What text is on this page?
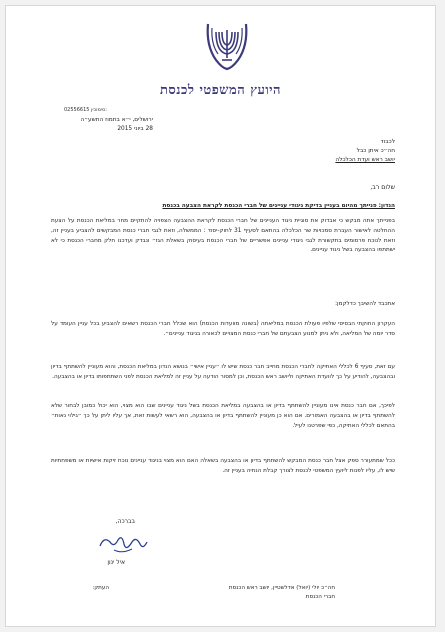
היועץ המשפטי לכנסת
02556615 סימוכין:
ירושלים, י״א בתמוז התשע״ה
28 ביוני 2015
לכבוד
חה״כ איתן כבל
יושב ראש ועדת הכלכלה
שלום רב,
הנדון: פנייתך מהיום בעניין בדיקת ניגודי עניינים של חברי הכנסת לקראת הצבעה בכנסת
בפנייתך אתה מבקש כי אבדוק את סוגיית ניגוד העניינים של חברי הכנסת לקראת ההצבעה הצפויה להתקיים מחר במליאת הכנסת על הצעת ההחלטה לאישור העברת סמכויות שר הכלכלה בהתאם לסעיף 31 לחוק-יסוד : הממשלה, וזאת לגבי חברי כנסת המבקשים להצביע בעניין זה, וזאת לנוכח פרסומים בתקשורת לגבי ניגודי עניינים אפשריים של חברי הכנסת בעיסוק בשאלת הגז״ ונבדק ועדכנו חלק מחברי הכנסת כי לא ישתתפו בהצבעה בשל ניגוד עניינים.
אתכבד להשיבך כדלקמן:
העקרון החוקתי הבסיסי שלפיו פעולת הכנסת במליאתה (בשונה מוועדות הכנסת) הוא שכלל חברי הכנסת רשאים להצביע בכל עניין העומד על סדר יומה של המליאה, ולא ניתן למנוע הצבעתם של חברי כנסת המצויים לכאורה בניגוד עניינים״.
עם זאת, סעיף 6 לכללי האתיקה לחברי הכנסת מחייב חבר כנסת שיש לו ״עניין אישי״ בנושא הנדון במליאת הכנסת, והוא מעוניין להשתתף בדיון ובהצבעה, להודיע על כך לוועדת האתיקה וליושב ראש הכנסת, וכן למסור הודעה על עניין זה למליאת הכנסת לפני השתתפותו בדיון או בהצבעה.
לפיכך, אם חבר כנסת אינו מעוניין להשתתף בדיון או בהצבעה במליאת הכנסת בשל ניגוד עניינים שבו הוא מצוי, הוא יכול כמובן לבחור שלא להשתתף בדיון או בהצבעה האמורים. אם הוא כן מעוניין להשתתף בדיון או בהצבעה, הוא רשאי לעשות זאת, אך עליו ליתן על כך ״גילוי נאות״ בהתאם לכללי האתיקה, כפי שפרטנו לעיל.
ככל שמתעורר ספק אצל חבר כנסת המבקש להשתתף בדיון או בהצבעה בשאלה האם הוא מצוי בניגוד עניינים נוכח זיקות אישיות או משפחתיות שיש לו, עליו לפנות ליועץ המשפטי לכנסת לצורך קבלת הנחיה בעניין זה.
בברכה,
איל ינון
העתק:	חה״כ יולי (יואל) אדלשטיין, יושב ראש הכנסת
חברי הכנסת
